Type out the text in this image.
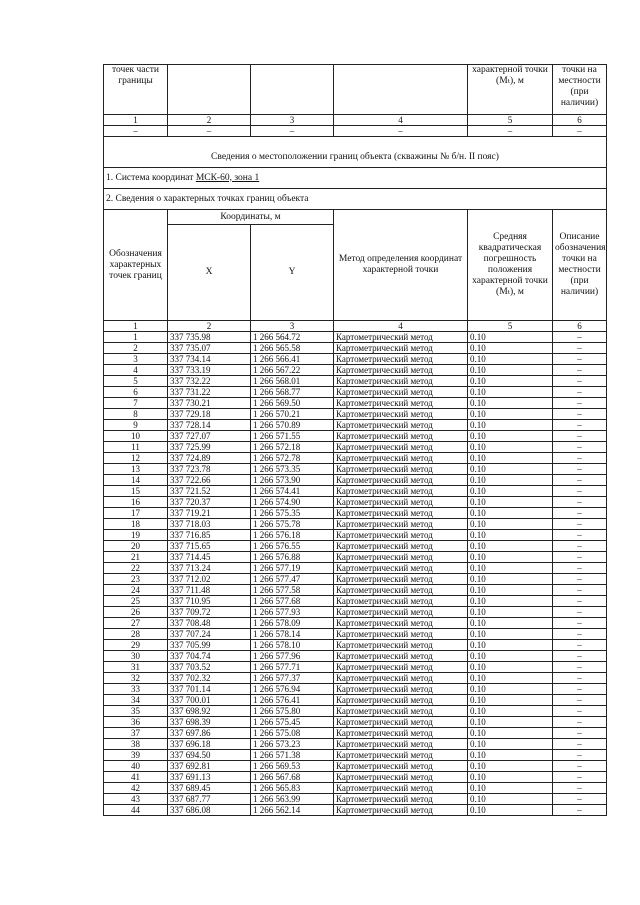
точек части границы				характерной точки (Mₜ), м	точки на местности (при наличии)
1	2	3	4	5	6
–	–	–	–	–	–

Сведения о местоположении границ объекта (скважины № б/н. II пояс)					
1. Система координат МСК-60, зона 1					
2. Сведения о характерных точках границ объекта					
Обозначения характерных точек границ	Координаты, м		Метод определения координат характерной точки	Средняя квадратическая погрешность положения характерной точки (Mₜ), м	Описание обозначения точки на местности (при наличии)
	X	Y			
1	2	3	4	5	6
1	337 735.98	1 266 564.72	Картометрический метод	0.10	–
2	337 735.07	1 266 565.58	Картометрический метод	0.10	–
3	337 734.14	1 266 566.41	Картометрический метод	0.10	–
4	337 733.19	1 266 567.22	Картометрический метод	0.10	–
5	337 732.22	1 266 568.01	Картометрический метод	0.10	–
6	337 731.22	1 266 568.77	Картометрический метод	0.10	–
7	337 730.21	1 266 569.50	Картометрический метод	0.10	–
8	337 729.18	1 266 570.21	Картометрический метод	0.10	–
9	337 728.14	1 266 570.89	Картометрический метод	0.10	–
10	337 727.07	1 266 571.55	Картометрический метод	0.10	–
11	337 725.99	1 266 572.18	Картометрический метод	0.10	–
12	337 724.89	1 266 572.78	Картометрический метод	0.10	–
13	337 723.78	1 266 573.35	Картометрический метод	0.10	–
14	337 722.66	1 266 573.90	Картометрический метод	0.10	–
15	337 721.52	1 266 574.41	Картометрический метод	0.10	–
16	337 720.37	1 266 574.90	Картометрический метод	0.10	–
17	337 719.21	1 266 575.35	Картометрический метод	0.10	–
18	337 718.03	1 266 575.78	Картометрический метод	0.10	–
19	337 716.85	1 266 576.18	Картометрический метод	0.10	–
20	337 715.65	1 266 576.55	Картометрический метод	0.10	–
21	337 714.45	1 266 576.88	Картометрический метод	0.10	–
22	337 713.24	1 266 577.19	Картометрический метод	0.10	–
23	337 712.02	1 266 577.47	Картометрический метод	0.10	–
24	337 711.48	1 266 577.58	Картометрический метод	0.10	–
25	337 710.95	1 266 577.68	Картометрический метод	0.10	–
26	337 709.72	1 266 577.93	Картометрический метод	0.10	–
27	337 708.48	1 266 578.09	Картометрический метод	0.10	–
28	337 707.24	1 266 578.14	Картометрический метод	0.10	–
29	337 705.99	1 266 578.10	Картометрический метод	0.10	–
30	337 704.74	1 266 577.96	Картометрический метод	0.10	–
31	337 703.52	1 266 577.71	Картометрический метод	0.10	–
32	337 702.32	1 266 577.37	Картометрический метод	0.10	–
33	337 701.14	1 266 576.94	Картометрический метод	0.10	–
34	337 700.01	1 266 576.41	Картометрический метод	0.10	–
35	337 698.92	1 266 575.80	Картометрический метод	0.10	–
36	337 698.39	1 266 575.45	Картометрический метод	0.10	–
37	337 697.86	1 266 575.08	Картометрический метод	0.10	–
38	337 696.18	1 266 573.23	Картометрический метод	0.10	–
39	337 694.50	1 266 571.38	Картометрический метод	0.10	–
40	337 692.81	1 266 569.53	Картометрический метод	0.10	–
41	337 691.13	1 266 567.68	Картометрический метод	0.10	–
42	337 689.45	1 266 565.83	Картометрический метод	0.10	–
43	337 687.77	1 266 563.99	Картометрический метод	0.10	–
44	337 686.08	1 266 562.14	Картометрический метод	0.10	–
